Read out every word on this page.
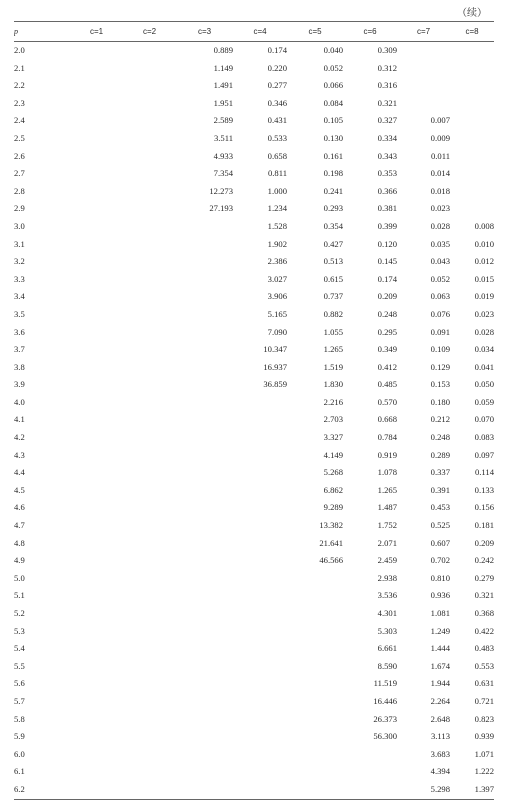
（续）
p	c=1	c=2	c=3	c=4	c=5	c=6	c=7	c=8
2.0			0.889	0.174	0.040	0.309		
2.1			1.149	0.220	0.052	0.312		
2.2			1.491	0.277	0.066	0.316		
2.3			1.951	0.346	0.084	0.321		
2.4			2.589	0.431	0.105	0.327	0.007	
2.5			3.511	0.533	0.130	0.334	0.009	
2.6			4.933	0.658	0.161	0.343	0.011	
2.7			7.354	0.811	0.198	0.353	0.014	
2.8			12.273	1.000	0.241	0.366	0.018	
2.9			27.193	1.234	0.293	0.381	0.023	
3.0				1.528	0.354	0.399	0.028	0.008
3.1				1.902	0.427	0.120	0.035	0.010
3.2				2.386	0.513	0.145	0.043	0.012
3.3				3.027	0.615	0.174	0.052	0.015
3.4				3.906	0.737	0.209	0.063	0.019
3.5				5.165	0.882	0.248	0.076	0.023
3.6				7.090	1.055	0.295	0.091	0.028
3.7				10.347	1.265	0.349	0.109	0.034
3.8				16.937	1.519	0.412	0.129	0.041
3.9				36.859	1.830	0.485	0.153	0.050
4.0					2.216	0.570	0.180	0.059
4.1					2.703	0.668	0.212	0.070
4.2					3.327	0.784	0.248	0.083
4.3					4.149	0.919	0.289	0.097
4.4					5.268	1.078	0.337	0.114
4.5					6.862	1.265	0.391	0.133
4.6					9.289	1.487	0.453	0.156
4.7					13.382	1.752	0.525	0.181
4.8					21.641	2.071	0.607	0.209
4.9					46.566	2.459	0.702	0.242
5.0						2.938	0.810	0.279
5.1						3.536	0.936	0.321
5.2						4.301	1.081	0.368
5.3						5.303	1.249	0.422
5.4						6.661	1.444	0.483
5.5						8.590	1.674	0.553
5.6						11.519	1.944	0.631
5.7						16.446	2.264	0.721
5.8						26.373	2.648	0.823
5.9						56.300	3.113	0.939
6.0							3.683	1.071
6.1							4.394	1.222
6.2							5.298	1.397
